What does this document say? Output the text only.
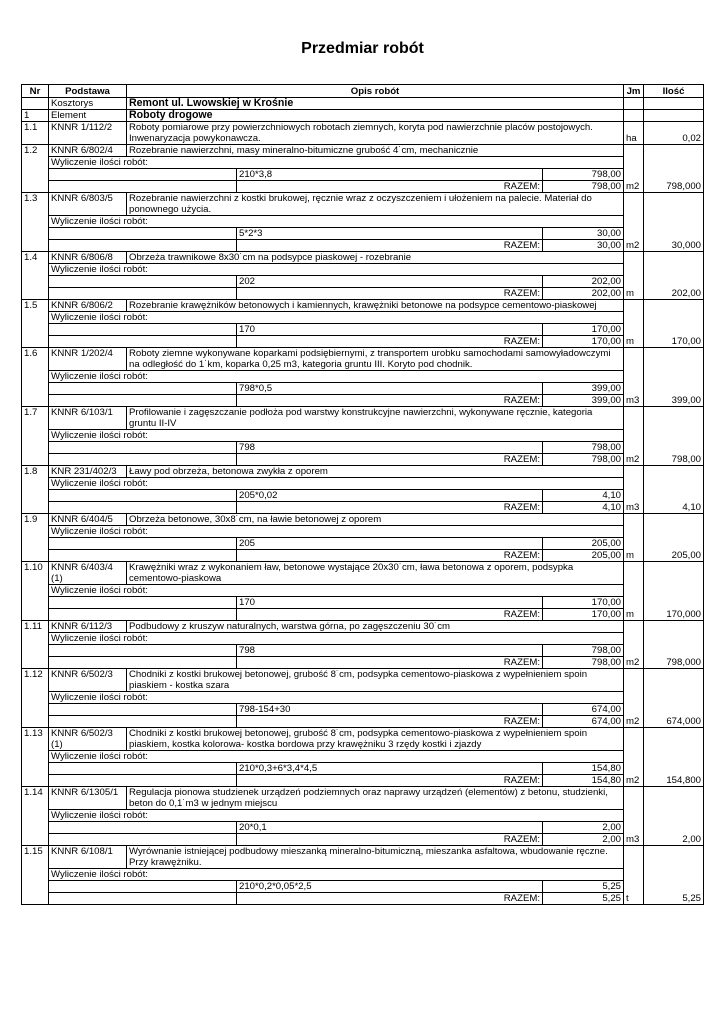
Przedmiar robót
Nr	Podstawa	Opis robót			Jm	Ilość
	Kosztorys	Remont ul. Lwowskiej w Krośnie				
1	Element	Roboty drogowe				
1.1	KNNR 1/112/2	Roboty pomiarowe przy powierzchniowych robotach ziemnych, koryta pod nawierzchnie placów postojowych. Inwenaryzacja powykonawcza.			ha	0,02
1.2	KNNR 6/802/4	Rozebranie nawierzchni, masy mineralno-bitumiczne grubość 4˙cm, mechanicznie				
	Wyliczenie ilości robót:					
			210*3,8	798,00		
			RAZEM:	798,00	m2	798,000
1.3	KNNR 6/803/5	Rozebranie nawierzchni z kostki brukowej, ręcznie wraz z oczyszczeniem i ułożeniem na palecie. Materiał do ponownego użycia.				
	Wyliczenie ilości robót:					
			5*2*3	30,00		
			RAZEM:	30,00	m2	30,000
1.4	KNNR 6/806/8	Obrzeża trawnikowe 8x30˙cm na podsypce piaskowej - rozebranie				
	Wyliczenie ilości robót:					
			202	202,00		
			RAZEM:	202,00	m	202,00
1.5	KNNR 6/806/2	Rozebranie krawężników betonowych i kamiennych, krawężniki betonowe na podsypce cementowo-piaskowej				
	Wyliczenie ilości robót:					
			170	170,00		
			RAZEM:	170,00	m	170,00
1.6	KNNR 1/202/4	Roboty ziemne wykonywane koparkami podsiębiernymi, z transportem urobku samochodami samowyładowczymi na odległość do 1˙km, koparka 0,25 m3, kategoria gruntu III. Koryto pod chodnik.				
	Wyliczenie ilości robót:					
			798*0,5	399,00		
			RAZEM:	399,00	m3	399,00
1.7	KNNR 6/103/1	Profilowanie i zagęszczanie podłoża pod warstwy konstrukcyjne nawierzchni, wykonywane ręcznie, kategoria gruntu II-IV				
	Wyliczenie ilości robót:					
			798	798,00		
			RAZEM:	798,00	m2	798,00
1.8	KNR 231/402/3	Ławy pod obrzeża, betonowa zwykła z oporem				
	Wyliczenie ilości robót:					
			205*0,02	4,10		
			RAZEM:	4,10	m3	4,10
1.9	KNNR 6/404/5	Obrzeża betonowe, 30x8˙cm, na ławie betonowej z oporem				
	Wyliczenie ilości robót:					
			205	205,00		
			RAZEM:	205,00	m	205,00
1.10	KNNR 6/403/4 (1)	Krawężniki wraz z wykonaniem ław, betonowe wystające 20x30˙cm, ława betonowa z oporem, podsypka cementowo-piaskowa				
	Wyliczenie ilości robót:					
			170	170,00		
			RAZEM:	170,00	m	170,000
1.11	KNNR 6/112/3	Podbudowy z kruszyw naturalnych, warstwa górna, po zagęszczeniu 30˙cm				
	Wyliczenie ilości robót:					
			798	798,00		
			RAZEM:	798,00	m2	798,000
1.12	KNNR 6/502/3	Chodniki z kostki brukowej betonowej, grubość 8˙cm, podsypka cementowo-piaskowa z wypełnieniem spoin piaskiem - kostka szara				
	Wyliczenie ilości robót:					
			798-154+30	674,00		
			RAZEM:	674,00	m2	674,000
1.13	KNNR 6/502/3 (1)	Chodniki z kostki brukowej betonowej, grubość 8˙cm, podsypka cementowo-piaskowa z wypełnieniem spoin piaskiem, kostka kolorowa- kostka bordowa przy krawężniku 3 rzędy kostki i zjazdy				
	Wyliczenie ilości robót:					
			210*0,3+6*3,4*4,5	154,80		
			RAZEM:	154,80	m2	154,800
1.14	KNNR 6/1305/1	Regulacja pionowa studzienek urządzeń podziemnych oraz naprawy urządzeń (elementów) z betonu, studzienki, beton do 0,1˙m3 w jednym miejscu				
	Wyliczenie ilości robót:					
			20*0,1	2,00		
			RAZEM:	2,00	m3	2,00
1.15	KNNR 6/108/1	Wyrównanie istniejącej podbudowy mieszanką mineralno-bitumiczną, mieszanka asfaltowa, wbudowanie ręczne. Przy krawężniku.				
	Wyliczenie ilości robót:					
			210*0,2*0,05*2,5	5,25		
			RAZEM:	5,25	t	5,25
